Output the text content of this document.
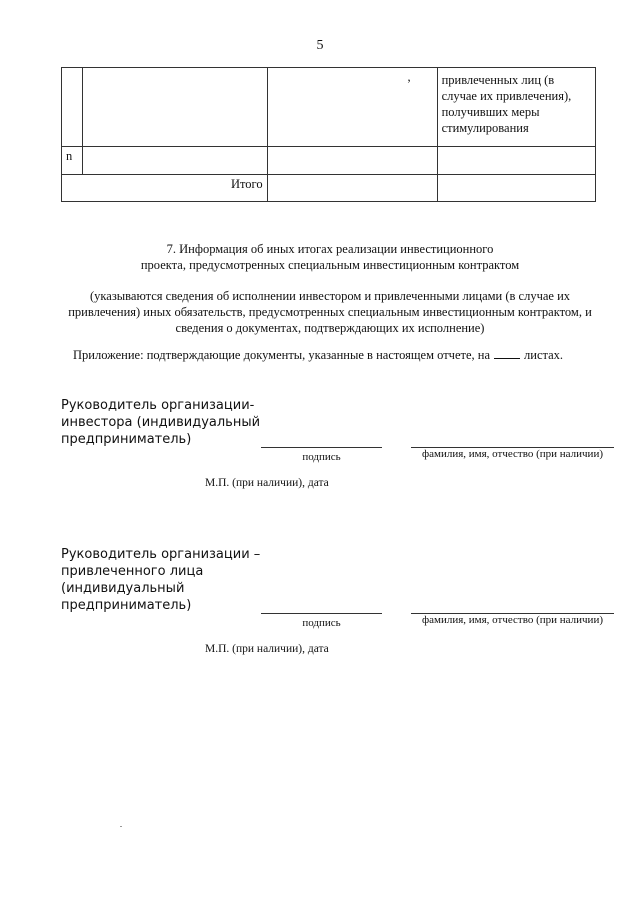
5
		,	привлеченных лиц (в случае их привлечения), получивших меры стимулирования
n			
Итого			
7. Информация об иных итогах реализации инвестиционного
проекта, предусмотренных специальным инвестиционным контрактом
(указываются сведения об исполнении инвестором и привлеченными лицами (в случае их
привлечения) иных обязательств, предусмотренных специальным инвестиционным контрактом, и
сведения о документах, подтверждающих их исполнение)
Приложение: подтверждающие документы, указанные в настоящем отчете, на	листах.
Руководитель организации-
инвестора (индивидуальный
предприниматель)
подпись	фамилия, имя, отчество (при наличии)
М.П. (при наличии), дата
Руководитель организации –
привлеченного лица
(индивидуальный
предприниматель)
подпись	фамилия, имя, отчество (при наличии)
М.П. (при наличии), дата
